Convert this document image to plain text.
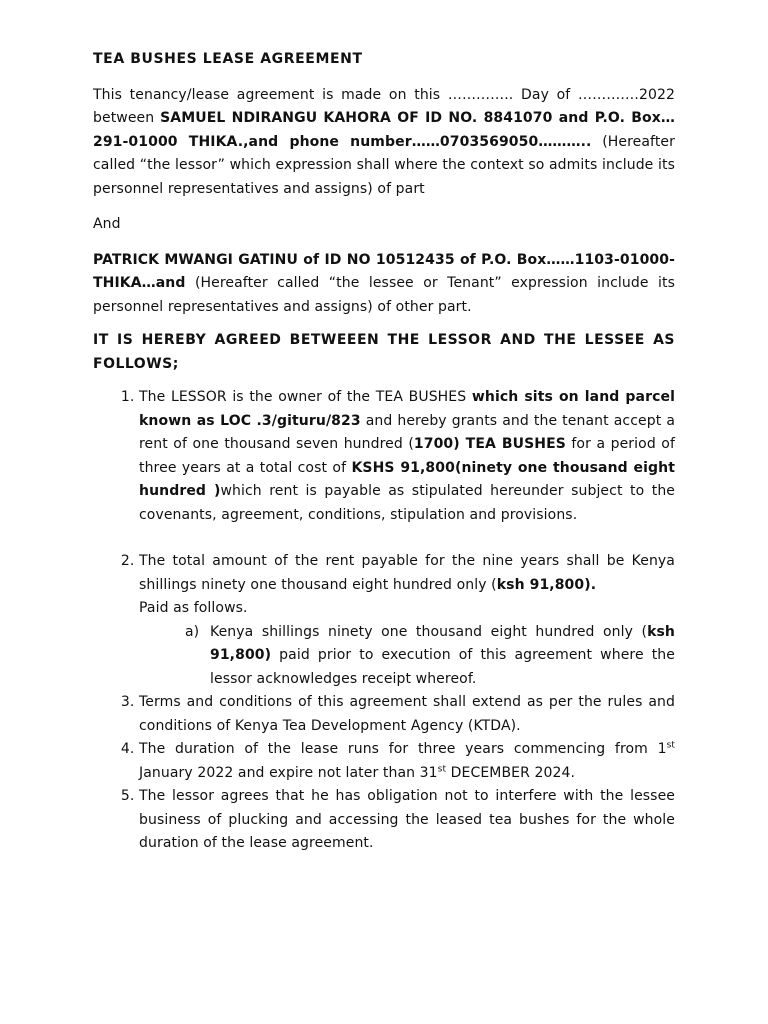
TEA BUSHES LEASE AGREEMENT

This tenancy/lease agreement is made on this ………….. Day of ………….2022 between SAMUEL NDIRANGU KAHORA OF ID NO. 8841070 and P.O. Box…291-01000 THIKA.,and phone number……0703569050……….. (Hereafter called “the lessor” which expression shall where the context so admits include its personnel representatives and assigns) of part

And

PATRICK MWANGI GATINU of ID NO 10512435 of P.O. Box……1103-01000-THIKA…and (Hereafter called “the lessee or Tenant” expression include its personnel representatives and assigns) of other part.

IT IS HEREBY AGREED BETWEEEN THE LESSOR AND THE LESSEE AS FOLLOWS;

1. The LESSOR is the owner of the TEA BUSHES which sits on land parcel known as LOC .3/gituru/823 and hereby grants and the tenant accept a rent of one thousand seven hundred (1700) TEA BUSHES for a period of three years at a total cost of KSHS 91,800(ninety one thousand eight hundred )which rent is payable as stipulated hereunder subject to the covenants, agreement, conditions, stipulation and provisions.
2. The total amount of the rent payable for the nine years shall be Kenya shillings ninety one thousand eight hundred only (ksh 91,800).
Paid as follows.
a) Kenya shillings ninety one thousand eight hundred only (ksh 91,800) paid prior to execution of this agreement where the lessor acknowledges receipt whereof.
3. Terms and conditions of this agreement shall extend as per the rules and conditions of Kenya Tea Development Agency (KTDA).
4. The duration of the lease runs for three years commencing from 1st January 2022 and expire not later than 31st DECEMBER 2024.
5. The lessor agrees that he has obligation not to interfere with the lessee business of plucking and accessing the leased tea bushes for the whole duration of the lease agreement.
